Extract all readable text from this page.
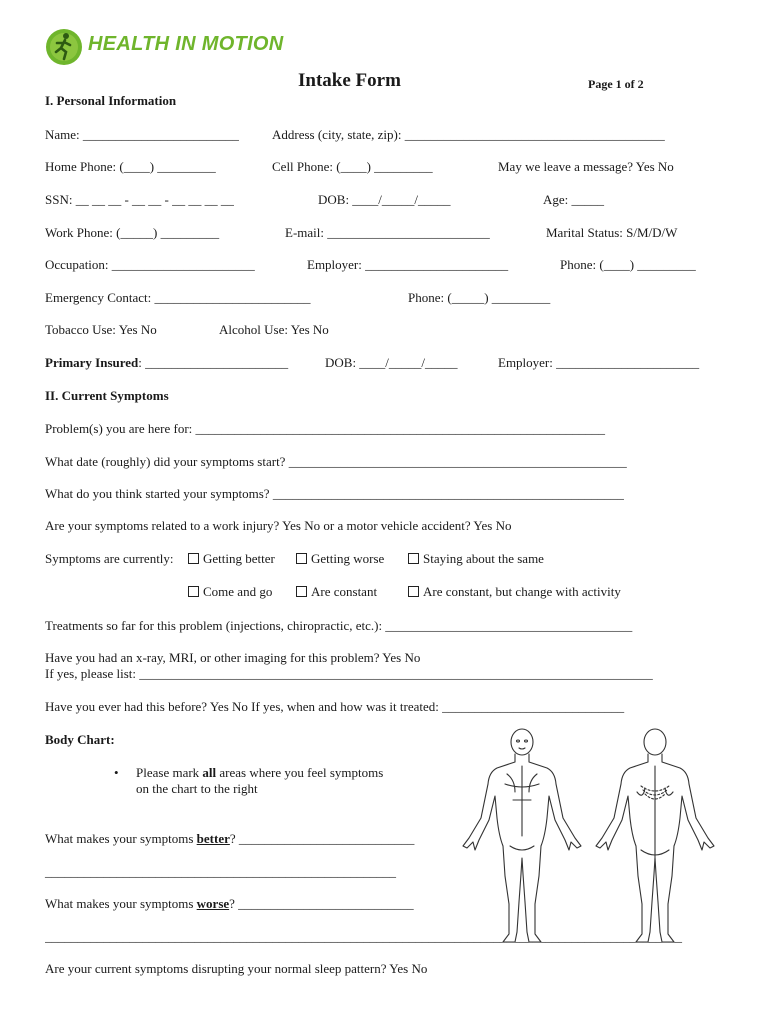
HEALTH IN MOTION
Intake Form	Page 1 of 2
I. Personal Information
Name: ________________________	Address (city, state, zip): ________________________________________
Home Phone: (____) _________	Cell Phone: (____) _________	May we leave a message? Yes No
SSN: __ __ __ - __ __ - __ __ __ __	DOB: ____/_____/_____	Age: _____
Work Phone: (_____) _________	E-mail: _________________________	Marital Status: S/M/D/W
Occupation: ______________________	Employer: ______________________	Phone: (____) _________
Emergency Contact: ________________________	Phone: (_____) _________
Tobacco Use: Yes No	Alcohol Use: Yes No
Primary Insured: ______________________	DOB: ____/_____/_____	Employer: ______________________
II. Current Symptoms
Problem(s) you are here for: _______________________________________________________________
What date (roughly) did your symptoms start? ____________________________________________________
What do you think started your symptoms? ______________________________________________________
Are your symptoms related to a work injury? Yes No or a motor vehicle accident? Yes No
Symptoms are currently:	Getting better	Getting worse	Staying about the same
Come and go	Are constant	Are constant, but change with activity
Treatments so far for this problem (injections, chiropractic, etc.): ______________________________________
Have you had an x-ray, MRI, or other imaging for this problem? Yes No
If yes, please list: _______________________________________________________________________________
Have you ever had this before? Yes No If yes, when and how was it treated: ____________________________
Body Chart:
• Please mark all areas where you feel symptoms
on the chart to the right
What makes your symptoms better? ___________________________
______________________________________________________
What makes your symptoms worse? ___________________________
__________________________________________________________________________________________________
Are your current symptoms disrupting your normal sleep pattern? Yes No
